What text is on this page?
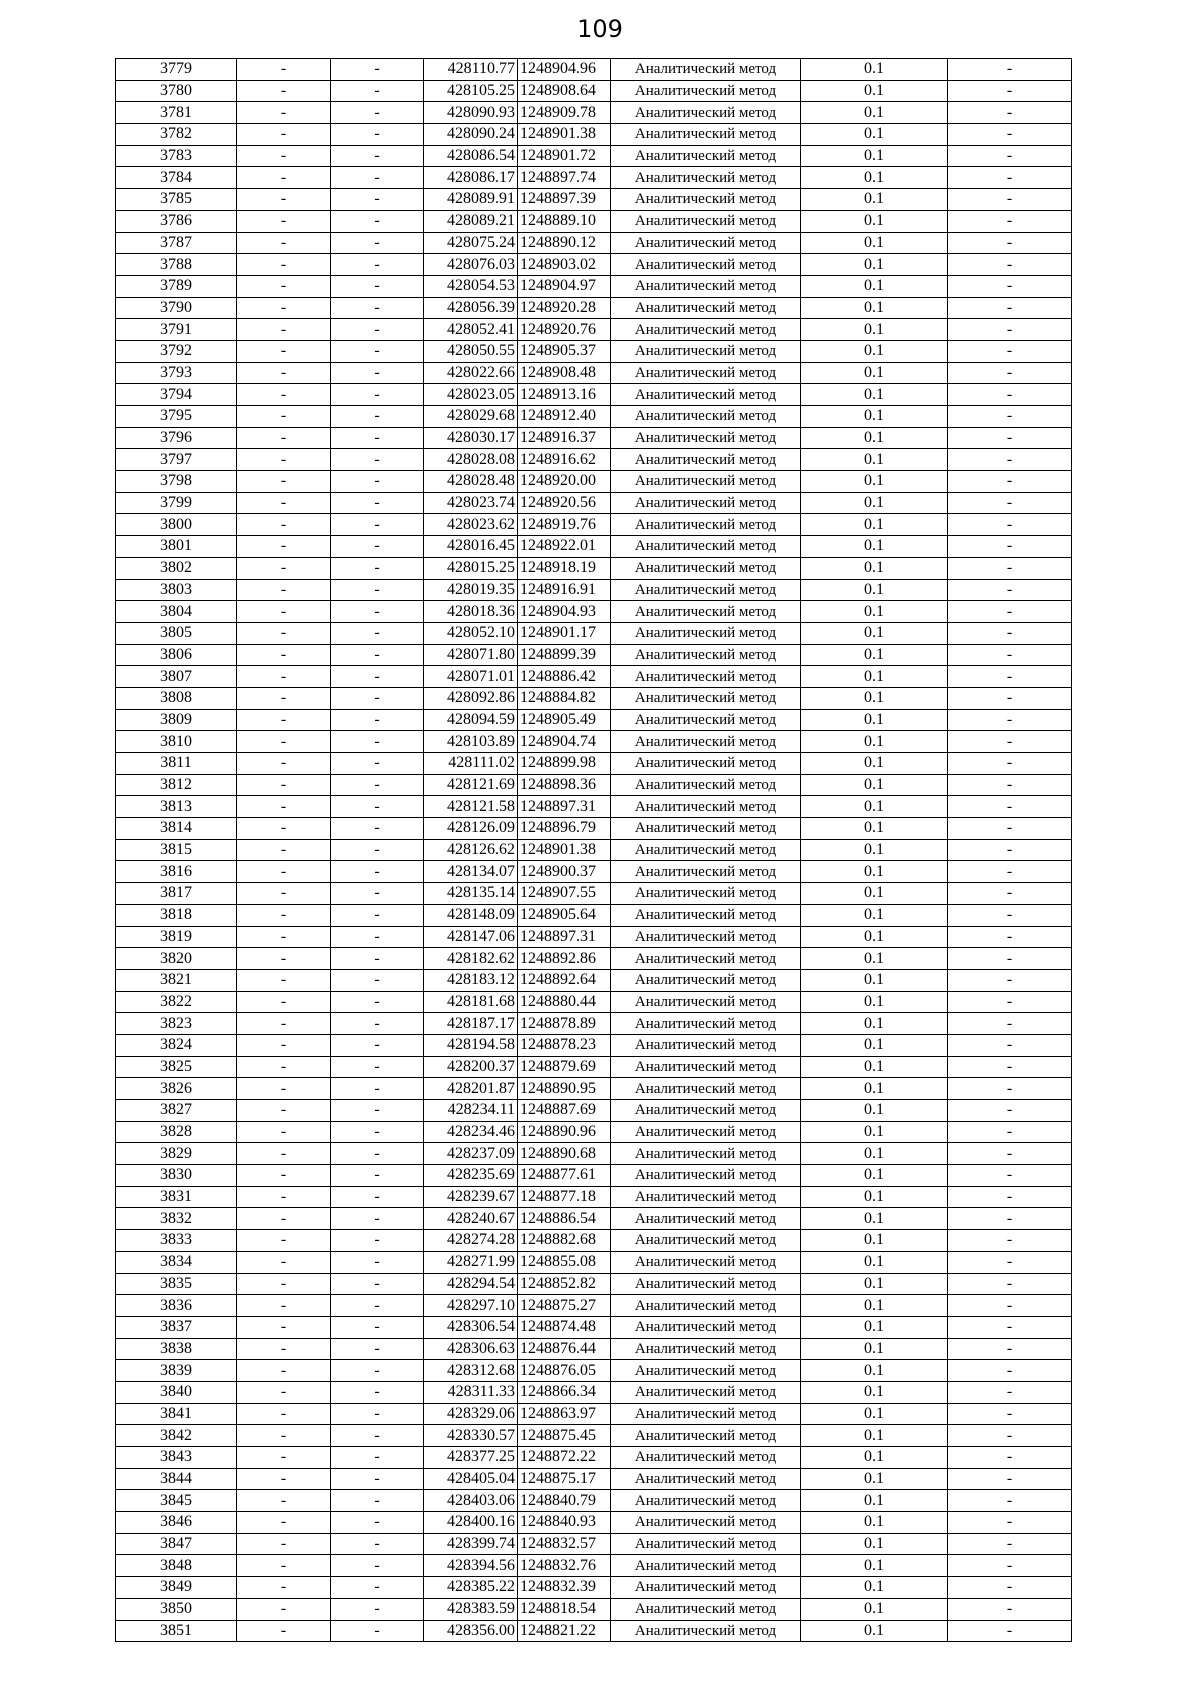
109
3779	-	-	428110.77	1248904.96	Аналитический метод	0.1	-
3780	-	-	428105.25	1248908.64	Аналитический метод	0.1	-
3781	-	-	428090.93	1248909.78	Аналитический метод	0.1	-
3782	-	-	428090.24	1248901.38	Аналитический метод	0.1	-
3783	-	-	428086.54	1248901.72	Аналитический метод	0.1	-
3784	-	-	428086.17	1248897.74	Аналитический метод	0.1	-
3785	-	-	428089.91	1248897.39	Аналитический метод	0.1	-
3786	-	-	428089.21	1248889.10	Аналитический метод	0.1	-
3787	-	-	428075.24	1248890.12	Аналитический метод	0.1	-
3788	-	-	428076.03	1248903.02	Аналитический метод	0.1	-
3789	-	-	428054.53	1248904.97	Аналитический метод	0.1	-
3790	-	-	428056.39	1248920.28	Аналитический метод	0.1	-
3791	-	-	428052.41	1248920.76	Аналитический метод	0.1	-
3792	-	-	428050.55	1248905.37	Аналитический метод	0.1	-
3793	-	-	428022.66	1248908.48	Аналитический метод	0.1	-
3794	-	-	428023.05	1248913.16	Аналитический метод	0.1	-
3795	-	-	428029.68	1248912.40	Аналитический метод	0.1	-
3796	-	-	428030.17	1248916.37	Аналитический метод	0.1	-
3797	-	-	428028.08	1248916.62	Аналитический метод	0.1	-
3798	-	-	428028.48	1248920.00	Аналитический метод	0.1	-
3799	-	-	428023.74	1248920.56	Аналитический метод	0.1	-
3800	-	-	428023.62	1248919.76	Аналитический метод	0.1	-
3801	-	-	428016.45	1248922.01	Аналитический метод	0.1	-
3802	-	-	428015.25	1248918.19	Аналитический метод	0.1	-
3803	-	-	428019.35	1248916.91	Аналитический метод	0.1	-
3804	-	-	428018.36	1248904.93	Аналитический метод	0.1	-
3805	-	-	428052.10	1248901.17	Аналитический метод	0.1	-
3806	-	-	428071.80	1248899.39	Аналитический метод	0.1	-
3807	-	-	428071.01	1248886.42	Аналитический метод	0.1	-
3808	-	-	428092.86	1248884.82	Аналитический метод	0.1	-
3809	-	-	428094.59	1248905.49	Аналитический метод	0.1	-
3810	-	-	428103.89	1248904.74	Аналитический метод	0.1	-
3811	-	-	428111.02	1248899.98	Аналитический метод	0.1	-
3812	-	-	428121.69	1248898.36	Аналитический метод	0.1	-
3813	-	-	428121.58	1248897.31	Аналитический метод	0.1	-
3814	-	-	428126.09	1248896.79	Аналитический метод	0.1	-
3815	-	-	428126.62	1248901.38	Аналитический метод	0.1	-
3816	-	-	428134.07	1248900.37	Аналитический метод	0.1	-
3817	-	-	428135.14	1248907.55	Аналитический метод	0.1	-
3818	-	-	428148.09	1248905.64	Аналитический метод	0.1	-
3819	-	-	428147.06	1248897.31	Аналитический метод	0.1	-
3820	-	-	428182.62	1248892.86	Аналитический метод	0.1	-
3821	-	-	428183.12	1248892.64	Аналитический метод	0.1	-
3822	-	-	428181.68	1248880.44	Аналитический метод	0.1	-
3823	-	-	428187.17	1248878.89	Аналитический метод	0.1	-
3824	-	-	428194.58	1248878.23	Аналитический метод	0.1	-
3825	-	-	428200.37	1248879.69	Аналитический метод	0.1	-
3826	-	-	428201.87	1248890.95	Аналитический метод	0.1	-
3827	-	-	428234.11	1248887.69	Аналитический метод	0.1	-
3828	-	-	428234.46	1248890.96	Аналитический метод	0.1	-
3829	-	-	428237.09	1248890.68	Аналитический метод	0.1	-
3830	-	-	428235.69	1248877.61	Аналитический метод	0.1	-
3831	-	-	428239.67	1248877.18	Аналитический метод	0.1	-
3832	-	-	428240.67	1248886.54	Аналитический метод	0.1	-
3833	-	-	428274.28	1248882.68	Аналитический метод	0.1	-
3834	-	-	428271.99	1248855.08	Аналитический метод	0.1	-
3835	-	-	428294.54	1248852.82	Аналитический метод	0.1	-
3836	-	-	428297.10	1248875.27	Аналитический метод	0.1	-
3837	-	-	428306.54	1248874.48	Аналитический метод	0.1	-
3838	-	-	428306.63	1248876.44	Аналитический метод	0.1	-
3839	-	-	428312.68	1248876.05	Аналитический метод	0.1	-
3840	-	-	428311.33	1248866.34	Аналитический метод	0.1	-
3841	-	-	428329.06	1248863.97	Аналитический метод	0.1	-
3842	-	-	428330.57	1248875.45	Аналитический метод	0.1	-
3843	-	-	428377.25	1248872.22	Аналитический метод	0.1	-
3844	-	-	428405.04	1248875.17	Аналитический метод	0.1	-
3845	-	-	428403.06	1248840.79	Аналитический метод	0.1	-
3846	-	-	428400.16	1248840.93	Аналитический метод	0.1	-
3847	-	-	428399.74	1248832.57	Аналитический метод	0.1	-
3848	-	-	428394.56	1248832.76	Аналитический метод	0.1	-
3849	-	-	428385.22	1248832.39	Аналитический метод	0.1	-
3850	-	-	428383.59	1248818.54	Аналитический метод	0.1	-
3851	-	-	428356.00	1248821.22	Аналитический метод	0.1	-
